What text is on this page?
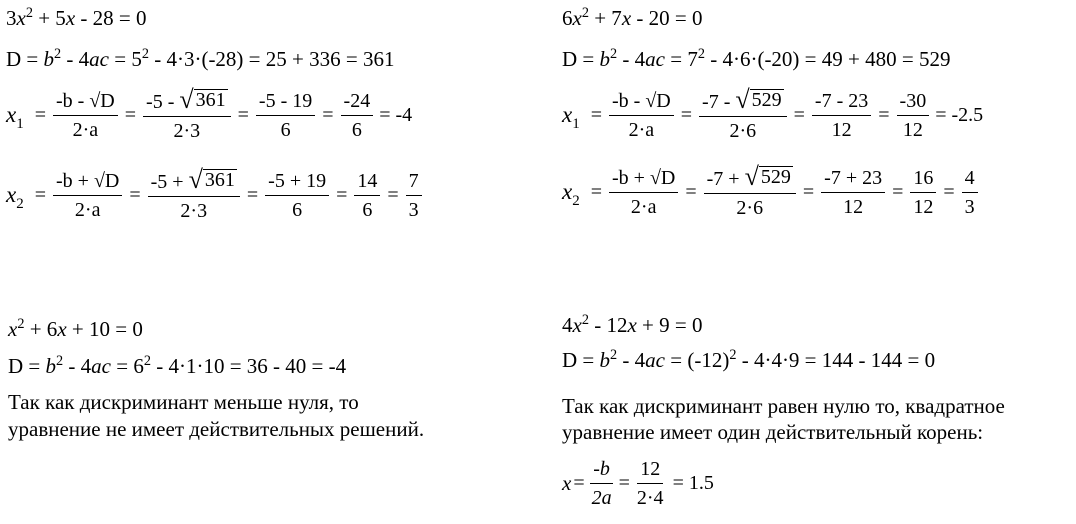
$3x^2 + 5x - 28 = 0$
$D = b^2 - 4ac = 5^2 - 4\cdot 3\cdot(-28) = 25 + 336 = 361$
x $1 = \frac{-b - √D}{2\cdot a} = \frac{-5 - √ 361}{2\cdot 3} = \frac{-5 - 19}{6} = \frac{-24}{6} = -4$
x $2 = \frac{-b + √D}{2\cdot a} = \frac{-5 + √ 361}{2\cdot 3} = \frac{-5 + 19}{6} = \frac{14}{6} = \frac{7}{3}$
$6x^2 + 7x - 20 = 0$
$D = b^2 - 4ac = 7^2 - 4\cdot 6\cdot(-20) = 49 + 480 = 529$
x $1 = \frac{-b - √D}{2\cdot a} = \frac{-7 - √ 529}{2\cdot 6} = \frac{-7 - 23}{12} = \frac{-30}{12} = -2.5$
x $2 = \frac{-b + √D}{2\cdot a} = \frac{-7 + √ 529}{2\cdot 6} = \frac{-7 + 23}{12} = \frac{16}{12} = \frac{4}{3}$
$x^2 + 6x + 10 = 0$
$D = b^2 - 4ac = 6^2 - 4\cdot 1\cdot 10 = 36 - 40 = -4$
Так как дискриминант меньше нуля, то
уравнение не имеет действительных решений.
$4x^2 - 12x + 9 = 0$
$D = b^2 - 4ac = (-12)^2 - 4\cdot 4\cdot 9 = 144 - 144 = 0$
Так как дискриминант равен нулю то, квадратное
уравнение имеет один действительный корень:
$x = \frac{-b}{2a} = \frac{12}{2\cdot 4} = 1.5$
